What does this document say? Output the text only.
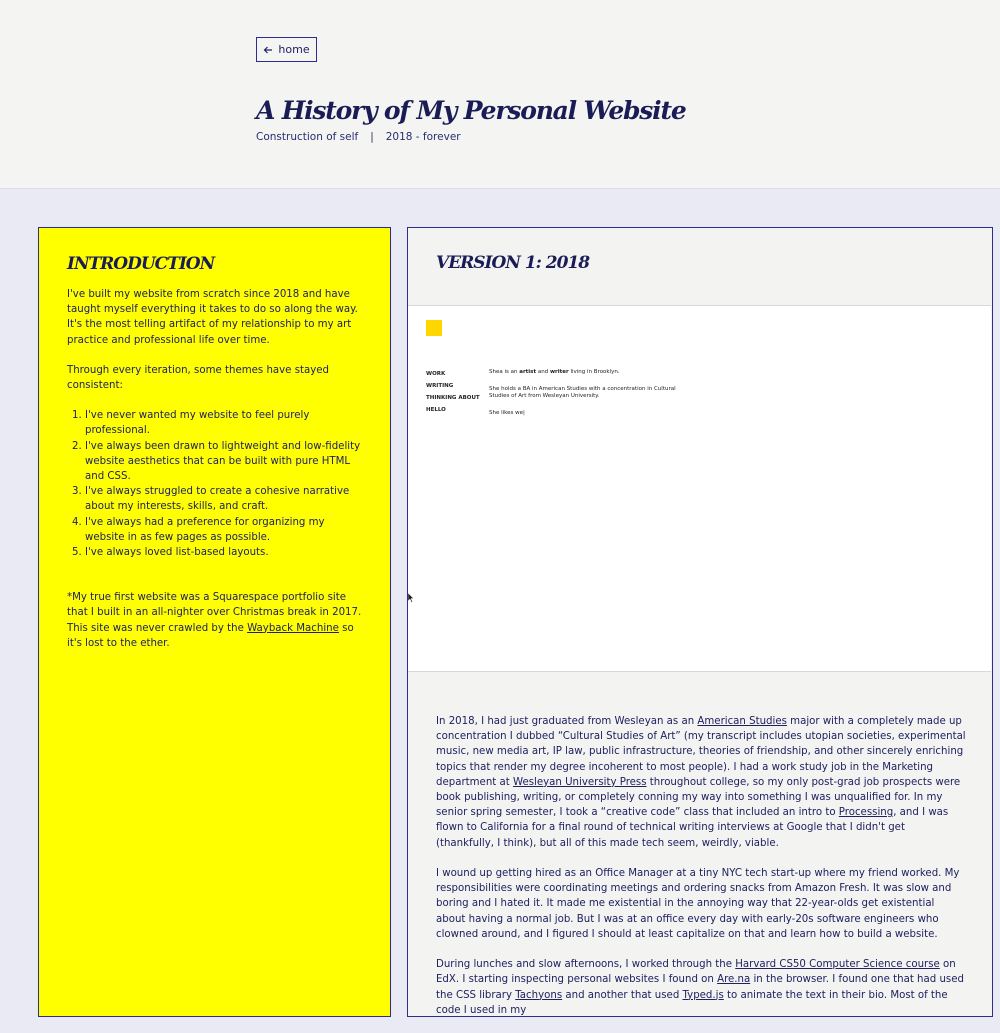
home
A History of My Personal Website
Construction of self | 2018 - forever
INTRODUCTION

I've built my website from scratch since 2018 and have taught myself everything it takes to do so along the way. It's the most telling artifact of my relationship to my art practice and professional life over time.

Through every iteration, some themes have stayed consistent:

1. I've never wanted my website to feel purely professional.
2. I've always been drawn to lightweight and low-fidelity website aesthetics that can be built with pure HTML and CSS.
3. I've always struggled to create a cohesive narrative about my interests, skills, and craft.
4. I've always had a preference for organizing my website in as few pages as possible.
5. I've always loved list-based layouts.

*My true first website was a Squarespace portfolio site that I built in an all-nighter over Christmas break in 2017. This site was never crawled by the Wayback Machine so it's lost to the ether.

VERSION 1: 2018
WORK
WRITING
THINKING ABOUT
HELLO

Shea is an artist and writer living in Brooklyn.

She holds a BA in American Studies with a concentration in Cultural Studies of Art from Wesleyan University.

She likes we|

In 2018, I had just graduated from Wesleyan as an American Studies major with a completely made up concentration I dubbed “Cultural Studies of Art” (my transcript includes utopian societies, experimental music, new media art, IP law, public infrastructure, theories of friendship, and other sincerely enriching topics that render my degree incoherent to most people). I had a work study job in the Marketing department at Wesleyan University Press throughout college, so my only post-grad job prospects were book publishing, writing, or completely conning my way into something I was unqualified for. In my senior spring semester, I took a “creative code” class that included an intro to Processing, and I was flown to California for a final round of technical writing interviews at Google that I didn't get (thankfully, I think), but all of this made tech seem, weirdly, viable.

I wound up getting hired as an Office Manager at a tiny NYC tech start-up where my friend worked. My responsibilities were coordinating meetings and ordering snacks from Amazon Fresh. It was slow and boring and I hated it. It made me existential in the annoying way that 22-year-olds get existential about having a normal job. But I was at an office every day with early-20s software engineers who clowned around, and I figured I should at least capitalize on that and learn how to build a website.

During lunches and slow afternoons, I worked through the Harvard CS50 Computer Science course on EdX. I starting inspecting personal websites I found on Are.na in the browser. I found one that had used the CSS library Tachyons and another that used Typed.js to animate the text in their bio. Most of the code I used in my
